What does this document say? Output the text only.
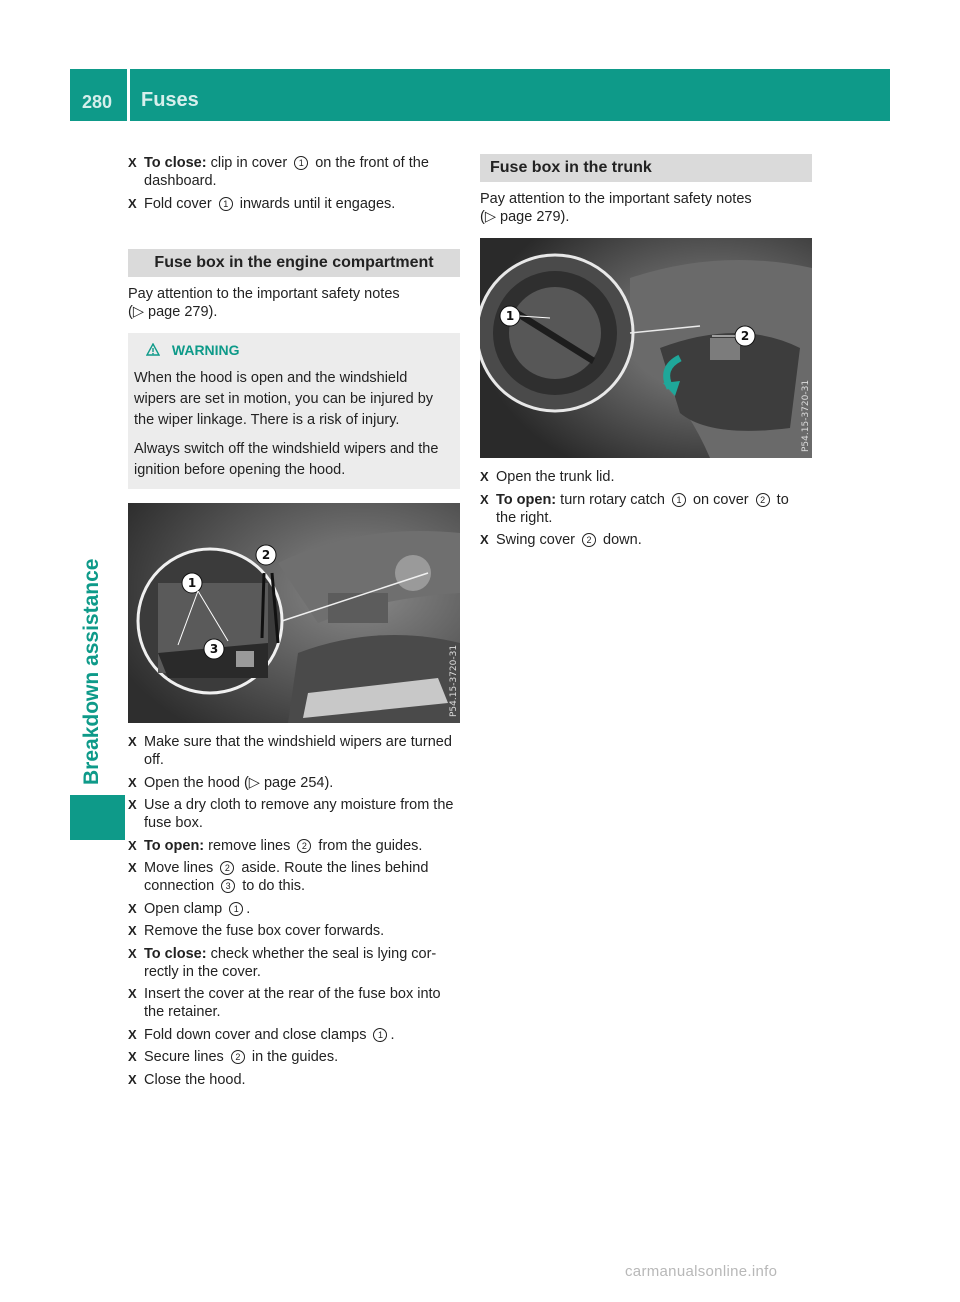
280 Fuses
Breakdown assistance
X To close: clip in cover 1 on the front of the dashboard.
X Fold cover 1 inwards until it engages.
Fuse box in the engine compartment
Pay attention to the important safety notes
(▷ page 279).
WARNING

When the hood is open and the windshield wipers are set in motion, you can be injured by the wiper linkage. There is a risk of injury.

Always switch off the windshield wipers and the ignition before opening the hood.

2
1
3	P54.15-3720-31
X Make sure that the windshield wipers are turned off.
X Open the hood (▷ page 254).
X Use a dry cloth to remove any moisture from the fuse box.
X To open: remove lines 2 from the guides.
X Move lines 2 aside. Route the lines behind connection 3 to do this.
X Open clamp 1 .
X Remove the fuse box cover forwards.
X To close: check whether the seal is lying cor-rectly in the cover.
X Insert the cover at the rear of the fuse box into the retainer.
X Fold down cover and close clamps 1 .
X Secure lines 2 in the guides.
X Close the hood.
Fuse box in the trunk
Pay attention to the important safety notes
(▷ page 279).
1
2
P54.15-3720-31
X Open the trunk lid.
X To open: turn rotary catch 1 on cover 2 to the right.
X Swing cover 2 down.
carmanualsonline.info
